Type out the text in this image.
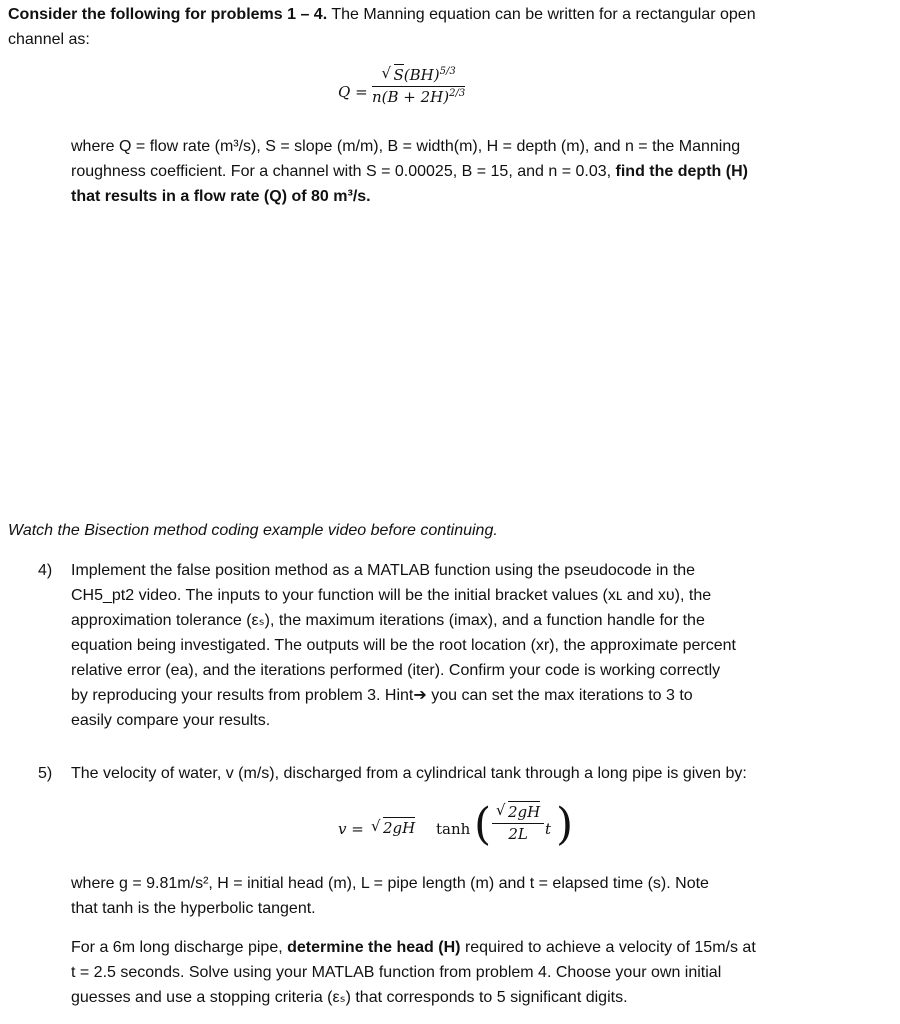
Consider the following for problems 1 – 4. The Manning equation can be written for a rectangular open
channel as:
$Q = \frac{√ S(BH)^{5/3}}{n(B + 2H)^{2/3}}$
where Q = flow rate (m³/s), S = slope (m/m), B = width(m), H = depth (m), and n = the Manning
roughness coefficient. For a channel with S = 0.00025, B = 15, and n = 0.03, find the depth (H)
that results in a flow rate (Q) of 80 m³/s.
Watch the Bisection method coding example video before continuing.
4) Implement the false position method as a MATLAB function using the pseudocode in the
CH5_pt2 video. The inputs to your function will be the initial bracket values (xʟ and xᴜ), the
approximation tolerance (εₛ), the maximum iterations (imax), and a function handle for the
equation being investigated. The outputs will be the root location (xr), the approximate percent
relative error (ea), and the iterations performed (iter). Confirm your code is working correctly
by reproducing your results from problem 3. Hint➔ you can set the max iterations to 3 to
easily compare your results.
5) The velocity of water, v (m/s), discharged from a cylindrical tank through a long pipe is given by:
v = √ 2gH tanh ( $\frac{√ 2gH}{2L}$ t )
where g = 9.81m/s², H = initial head (m), L = pipe length (m) and t = elapsed time (s). Note
that tanh is the hyperbolic tangent.
For a 6m long discharge pipe, determine the head (H) required to achieve a velocity of 15m/s at
t = 2.5 seconds. Solve using your MATLAB function from problem 4. Choose your own initial
guesses and use a stopping criteria (εₛ) that corresponds to 5 significant digits.
